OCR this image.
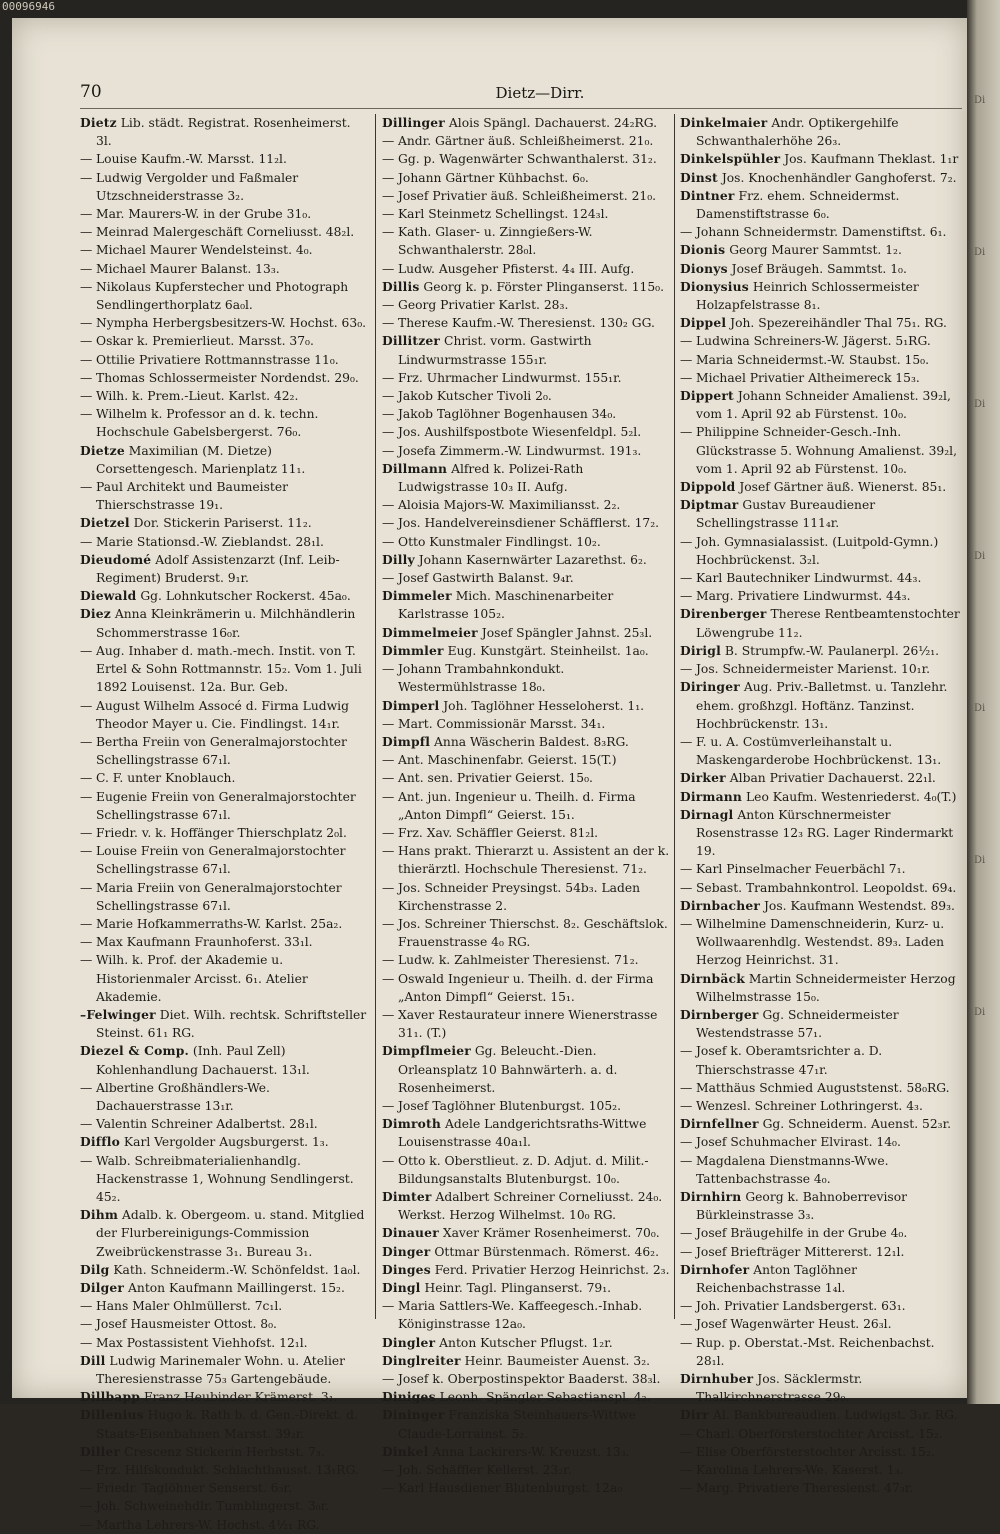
00096946
70	Dietz—Dirr.
Dietz Lib. städt. Registrat. Rosenheimerst. 3l.
— Louise Kaufm.-W. Marsst. 11₂l.
— Ludwig Vergolder und Faßmaler Utzschneiderstrasse 3₂.
— Mar. Maurers-W. in der Grube 31₀.
— Meinrad Malergeschäft Corneliusst. 48₂l.
— Michael Maurer Wendelsteinst. 4₀.
— Michael Maurer Balanst. 13₃.
— Nikolaus Kupferstecher und Photograph Sendlingerthorplatz 6a₀l.
— Nympha Herbergsbesitzers-W. Hochst. 63₀.
— Oskar k. Premierlieut. Marsst. 37₀.
— Ottilie Privatiere Rottmannstrasse 11₀.
— Thomas Schlossermeister Nordendst. 29₀.
— Wilh. k. Prem.-Lieut. Karlst. 42₂.
— Wilhelm k. Professor an d. k. techn. Hochschule Gabelsbergerst. 76₀.
Dietze Maximilian (M. Dietze) Corsettengesch. Marienplatz 11₁.
— Paul Architekt und Baumeister Thierschstrasse 19₁.
Dietzel Dor. Stickerin Pariserst. 11₂.
— Marie Stationsd.-W. Zieblandst. 28₁l.
Dieudomé Adolf Assistenzarzt (Inf. Leib-Regiment) Bruderst. 9₁r.
Diewald Gg. Lohnkutscher Rockerst. 45a₀.
Diez Anna Kleinkrämerin u. Milchhändlerin Schommerstrasse 16₀r.
— Aug. Inhaber d. math.-mech. Instit. von T. Ertel & Sohn Rottmannstr. 15₂. Vom 1. Juli 1892 Louisenst. 12a. Bur. Geb.
— August Wilhelm Assocé d. Firma Ludwig Theodor Mayer u. Cie. Findlingst. 14₁r.
— Bertha Freiin von Generalmajorstochter Schellingstrasse 67₁l.
— C. F. unter Knoblauch.
— Eugenie Freiin von Generalmajorstochter Schellingstrasse 67₁l.
— Friedr. v. k. Hoffänger Thierschplatz 2₀l.
— Louise Freiin von Generalmajorstochter Schellingstrasse 67₁l.
— Maria Freiin von Generalmajorstochter Schellingstrasse 67₁l.
— Marie Hofkammerraths-W. Karlst. 25a₂.
— Max Kaufmann Fraunhoferst. 33₁l.
— Wilh. k. Prof. der Akademie u. Historienmaler Arcisst. 6₁. Atelier Akademie.
–Felwinger Diet. Wilh. rechtsk. Schriftsteller Steinst. 61₁ RG.
Diezel & Comp. (Inh. Paul Zell) Kohlenhandlung Dachauerst. 13₁l.
— Albertine Großhändlers-We. Dachauerstrasse 13₁r.
— Valentin Schreiner Adalbertst. 28₁l.
Difflo Karl Vergolder Augsburgerst. 1₃.
— Walb. Schreibmaterialienhandlg. Hackenstrasse 1, Wohnung Sendlingerst. 45₂.
Dihm Adalb. k. Obergeom. u. stand. Mitglied der Flurbereinigungs-Commission Zweibrückenstrasse 3₁. Bureau 3₁.
Dilg Kath. Schneiderm.-W. Schönfeldst. 1a₀l.
Dilger Anton Kaufmann Maillingerst. 15₂.
— Hans Maler Ohlmüllerst. 7c₁l.
— Josef Hausmeister Ottost. 8₀.
— Max Postassistent Viehhofst. 12₁l.
Dill Ludwig Marinemaler Wohn. u. Atelier Theresienstrasse 75₃ Gartengebäude.
Dillbapp Franz Heubinder Krämerst. 3₁.
Dillenius Hugo k. Rath b. d. Gen.-Direkt. d. Staats-Eisenbahnen Marsst. 39₂r.
Diller Crescenz Stickerin Herbstst. 7₃.
— Frz. Hilfskondukt. Schlachthausst. 13₁RG.
— Friedr. Taglöhner Senserst. 6₃r.
— Joh. Schweinehdlr. Tumblingerst. 3₀r.
— Martha Lehrers-W. Hochst. 4½₁ RG.
Dillinger Alois Spängl. Dachauerst. 24₂RG.
— Andr. Gärtner äuß. Schleißheimerst. 21₀.
— Gg. p. Wagenwärter Schwanthalerst. 31₂.
— Johann Gärtner Kühbachst. 6₀.
— Josef Privatier äuß. Schleißheimerst. 21₀.
— Karl Steinmetz Schellingst. 124₃l.
— Kath. Glaser- u. Zinngießers-W. Schwanthalerstr. 28₀l.
— Ludw. Ausgeher Pfisterst. 4₄ III. Aufg.
Dillis Georg k. p. Förster Plinganserst. 115₀.
— Georg Privatier Karlst. 28₃.
— Therese Kaufm.-W. Theresienst. 130₂ GG.
Dillitzer Christ. vorm. Gastwirth Lindwurmstrasse 155₁r.
— Frz. Uhrmacher Lindwurmst. 155₁r.
— Jakob Kutscher Tivoli 2₀.
— Jakob Taglöhner Bogenhausen 34₀.
— Jos. Aushilfspostbote Wiesenfeldpl. 5₂l.
— Josefa Zimmerm.-W. Lindwurmst. 191₃.
Dillmann Alfred k. Polizei-Rath Ludwigstrasse 10₃ II. Aufg.
— Aloisia Majors-W. Maximiliansst. 2₂.
— Jos. Handelvereinsdiener Schäfflerst. 17₂.
— Otto Kunstmaler Findlingst. 10₂.
Dilly Johann Kasernwärter Lazarethst. 6₂.
— Josef Gastwirth Balanst. 9₄r.
Dimmeler Mich. Maschinenarbeiter Karlstrasse 105₂.
Dimmelmeier Josef Spängler Jahnst. 25₃l.
Dimmler Eug. Kunstgärt. Steinheilst. 1a₀.
— Johann Trambahnkondukt. Westermühlstrasse 18₀.
Dimperl Joh. Taglöhner Hesseloherst. 1₁.
— Mart. Commissionär Marsst. 34₁.
Dimpfl Anna Wäscherin Baldest. 8₃RG.
— Ant. Maschinenfabr. Geierst. 15(T.)
— Ant. sen. Privatier Geierst. 15₀.
— Ant. jun. Ingenieur u. Theilh. d. Firma „Anton Dimpfl“ Geierst. 15₁.
— Frz. Xav. Schäffler Geierst. 81₂l.
— Hans prakt. Thierarzt u. Assistent an der k. thierärztl. Hochschule Theresienst. 71₂.
— Jos. Schneider Preysingst. 54b₃. Laden Kirchenstrasse 2.
— Jos. Schreiner Thierschst. 8₂. Geschäftslok. Frauenstrasse 4₀ RG.
— Ludw. k. Zahlmeister Theresienst. 71₂.
— Oswald Ingenieur u. Theilh. d. der Firma „Anton Dimpfl“ Geierst. 15₁.
— Xaver Restaurateur innere Wienerstrasse 31₁. (T.)
Dimpflmeier Gg. Beleucht.-Dien. Orleansplatz 10 Bahnwärterh. a. d. Rosenheimerst.
— Josef Taglöhner Blutenburgst. 105₂.
Dimroth Adele Landgerichtsraths-Wittwe Louisenstrasse 40a₁l.
— Otto k. Oberstlieut. z. D. Adjut. d. Milit.-Bildungsanstalts Blutenburgst. 10₀.
Dimter Adalbert Schreiner Corneliusst. 24₀. Werkst. Herzog Wilhelmst. 10₀ RG.
Dinauer Xaver Krämer Rosenheimerst. 70₀.
Dinger Ottmar Bürstenmach. Römerst. 46₂.
Dinges Ferd. Privatier Herzog Heinrichst. 2₃.
Dingl Heinr. Tagl. Plinganserst. 79₁.
— Maria Sattlers-We. Kaffeegesch.-Inhab. Königinstrasse 12a₀.
Dingler Anton Kutscher Pflugst. 1₂r.
Dinglreiter Heinr. Baumeister Auenst. 3₂.
— Josef k. Oberpostinspektor Baaderst. 38₃l.
Diniges Leonh. Spängler Sebastianspl. 4₂.
Dininger Franziska Steinhauers-Wittwe Claude-Lorrainst. 5₂.
Dinkel Anna Lackirers-W. Kreuzst. 13₃.
— Joh. Schäffler Kellerst. 23₂r.
— Karl Hausdiener Blutenburgst. 12a₀
Dinkelmaier Andr. Optikergehilfe Schwanthalerhöhe 26₃.
Dinkelspühler Jos. Kaufmann Theklast. 1₁r
Dinst Jos. Knochenhändler Ganghoferst. 7₂.
Dintner Frz. ehem. Schneidermst. Damenstiftstrasse 6₀.
— Johann Schneidermstr. Damenstiftst. 6₁.
Dionis Georg Maurer Sammtst. 1₂.
Dionys Josef Bräugeh. Sammtst. 1₀.
Dionysius Heinrich Schlossermeister Holzapfelstrasse 8₁.
Dippel Joh. Spezereihändler Thal 75₁. RG.
— Ludwina Schreiners-W. Jägerst. 5₁RG.
— Maria Schneidermst.-W. Staubst. 15₀.
— Michael Privatier Altheimereck 15₃.
Dippert Johann Schneider Amalienst. 39₂l, vom 1. April 92 ab Fürstenst. 10₀.
— Philippine Schneider-Gesch.-Inh. Glückstrasse 5. Wohnung Amalienst. 39₂l, vom 1. April 92 ab Fürstenst. 10₀.
Dippold Josef Gärtner äuß. Wienerst. 85₁.
Diptmar Gustav Bureaudiener Schellingstrasse 111₄r.
— Joh. Gymnasialassist. (Luitpold-Gymn.) Hochbrückenst. 3₂l.
— Karl Bautechniker Lindwurmst. 44₃.
— Marg. Privatiere Lindwurmst. 44₃.
Direnberger Therese Rentbeamtenstochter Löwengrube 11₂.
Dirigl B. Strumpfw.-W. Paulanerpl. 26½₁.
— Jos. Schneidermeister Marienst. 10₁r.
Diringer Aug. Priv.-Balletmst. u. Tanzlehr. ehem. großhzgl. Hoftänz. Tanzinst. Hochbrückenstr. 13₁.
— F. u. A. Costümverleihanstalt u. Maskengarderobe Hochbrückenst. 13₁.
Dirker Alban Privatier Dachauerst. 22₁l.
Dirmann Leo Kaufm. Westenriederst. 4₀(T.)
Dirnagl Anton Kürschnermeister Rosenstrasse 12₃ RG. Lager Rindermarkt 19.
— Karl Pinselmacher Feuerbächl 7₁.
— Sebast. Trambahnkontrol. Leopoldst. 69₄.
Dirnbacher Jos. Kaufmann Westendst. 89₃.
— Wilhelmine Damenschneiderin, Kurz- u. Wollwaarenhdlg. Westendst. 89₃. Laden Herzog Heinrichst. 31.
Dirnbäck Martin Schneidermeister Herzog Wilhelmstrasse 15₀.
Dirnberger Gg. Schneidermeister Westendstrasse 57₁.
— Josef k. Oberamtsrichter a. D. Thierschstrasse 47₁r.
— Matthäus Schmied Auguststenst. 58₀RG.
— Wenzesl. Schreiner Lothringerst. 4₃.
Dirnfellner Gg. Schneiderm. Auenst. 52₃r.
— Josef Schuhmacher Elvirast. 14₀.
— Magdalena Dienstmanns-Wwe. Tattenbachstrasse 4₀.
Dirnhirn Georg k. Bahnoberrevisor Bürkleinstrasse 3₃.
— Josef Bräugehilfe in der Grube 4₀.
— Josef Briefträger Mittererst. 12₁l.
Dirnhofer Anton Taglöhner Reichenbachstrasse 1₄l.
— Joh. Privatier Landsbergerst. 63₁.
— Josef Wagenwärter Heust. 26₃l.
— Rup. p. Oberstat.-Mst. Reichenbachst. 28₁l.
Dirnhuber Jos. Säcklermstr. Thalkirchnerstrasse 29₀.
Dirr Al. Bankbureaudien. Ludwigst. 3₁r. RG.
— Charl. Oberförsterstochter Arcisst. 15₂.
— Elise Oberförsterstochter Arcisst. 15₂.
— Karolina Lehrers-We. Kaserst. 1₃.
— Marg. Privatiere Theresienst. 47₃r.
Di
Di
Di
Di
Di
Di
Di
